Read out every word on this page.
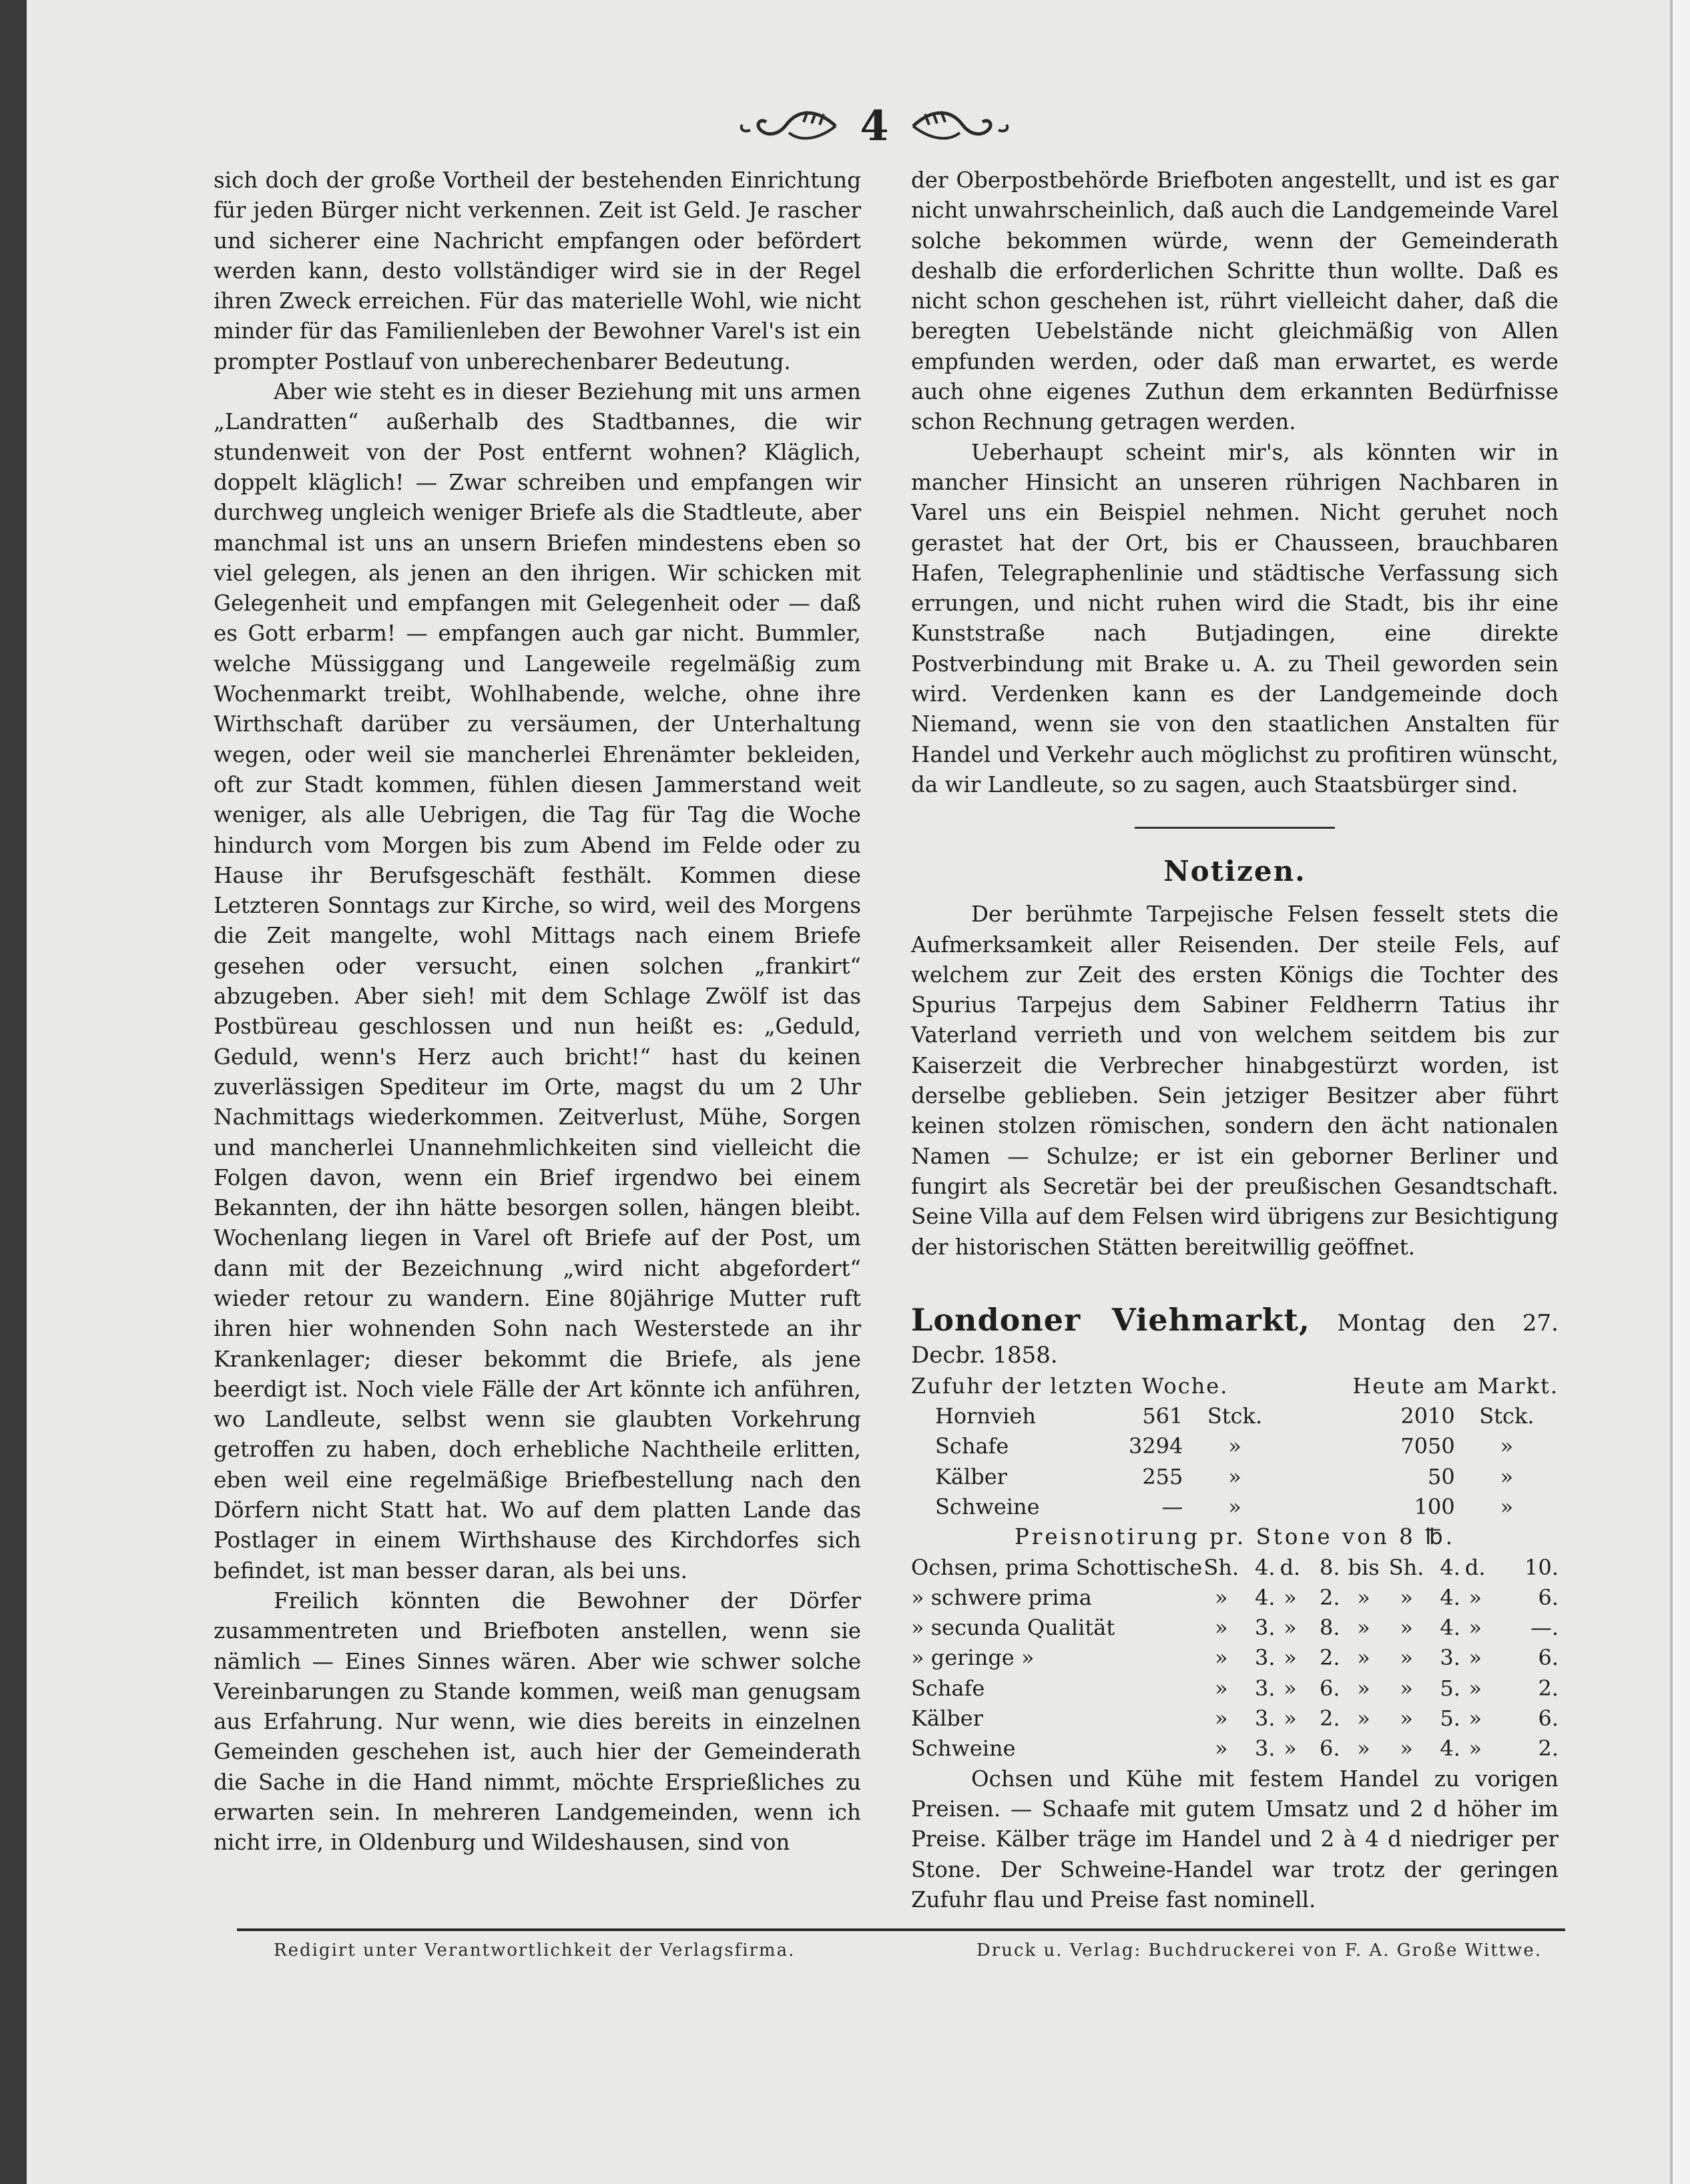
4

sich doch der große Vortheil der bestehenden Einrichtung für jeden Bürger nicht verkennen. Zeit ist Geld. Je rascher und sicherer eine Nachricht empfangen oder befördert werden kann, desto vollständiger wird sie in der Regel ihren Zweck erreichen. Für das materielle Wohl, wie nicht minder für das Familienleben der Bewohner Varel's ist ein prompter Postlauf von unberechenbarer Bedeutung.

Aber wie steht es in dieser Beziehung mit uns armen „Landratten“ außerhalb des Stadtbannes, die wir stundenweit von der Post entfernt wohnen? Kläglich, doppelt kläglich! — Zwar schreiben und empfangen wir durchweg ungleich weniger Briefe als die Stadtleute, aber manchmal ist uns an unsern Briefen mindestens eben so viel gelegen, als jenen an den ihrigen. Wir schicken mit Gelegenheit und empfangen mit Gelegenheit oder — daß es Gott erbarm! — empfangen auch gar nicht. Bummler, welche Müssiggang und Langeweile regelmäßig zum Wochenmarkt treibt, Wohlhabende, welche, ohne ihre Wirthschaft darüber zu versäumen, der Unterhaltung wegen, oder weil sie mancherlei Ehrenämter bekleiden, oft zur Stadt kommen, fühlen diesen Jammerstand weit weniger, als alle Uebrigen, die Tag für Tag die Woche hindurch vom Morgen bis zum Abend im Felde oder zu Hause ihr Berufsgeschäft festhält. Kommen diese Letzteren Sonntags zur Kirche, so wird, weil des Morgens die Zeit mangelte, wohl Mittags nach einem Briefe gesehen oder versucht, einen solchen „frankirt“ abzugeben. Aber sieh! mit dem Schlage Zwölf ist das Postbüreau geschlossen und nun heißt es: „Geduld, Geduld, wenn's Herz auch bricht!“ hast du keinen zuverlässigen Spediteur im Orte, magst du um 2 Uhr Nachmittags wiederkommen. Zeitverlust, Mühe, Sorgen und mancherlei Unannehmlichkeiten sind vielleicht die Folgen davon, wenn ein Brief irgendwo bei einem Bekannten, der ihn hätte besorgen sollen, hängen bleibt. Wochenlang liegen in Varel oft Briefe auf der Post, um dann mit der Bezeichnung „wird nicht abgefordert“ wieder retour zu wandern. Eine 80jährige Mutter ruft ihren hier wohnenden Sohn nach Westerstede an ihr Krankenlager; dieser bekommt die Briefe, als jene beerdigt ist. Noch viele Fälle der Art könnte ich anführen, wo Landleute, selbst wenn sie glaubten Vorkehrung getroffen zu haben, doch erhebliche Nachtheile erlitten, eben weil eine regelmäßige Briefbestellung nach den Dörfern nicht Statt hat. Wo auf dem platten Lande das Postlager in einem Wirthshause des Kirchdorfes sich befindet, ist man besser daran, als bei uns.

Freilich könnten die Bewohner der Dörfer zusammentreten und Briefboten anstellen, wenn sie nämlich — Eines Sinnes wären. Aber wie schwer solche Vereinbarungen zu Stande kommen, weiß man genugsam aus Erfahrung. Nur wenn, wie dies bereits in einzelnen Gemeinden geschehen ist, auch hier der Gemeinderath die Sache in die Hand nimmt, möchte Ersprießliches zu erwarten sein. In mehreren Landgemeinden, wenn ich nicht irre, in Oldenburg und Wildeshausen, sind von

der Oberpostbehörde Briefboten angestellt, und ist es gar nicht unwahrscheinlich, daß auch die Landgemeinde Varel solche bekommen würde, wenn der Gemeinderath deshalb die erforderlichen Schritte thun wollte. Daß es nicht schon geschehen ist, rührt vielleicht daher, daß die beregten Uebelstände nicht gleichmäßig von Allen empfunden werden, oder daß man erwartet, es werde auch ohne eigenes Zuthun dem erkannten Bedürfnisse schon Rechnung getragen werden.

Ueberhaupt scheint mir's, als könnten wir in mancher Hinsicht an unseren rührigen Nachbaren in Varel uns ein Beispiel nehmen. Nicht geruhet noch gerastet hat der Ort, bis er Chausseen, brauchbaren Hafen, Telegraphenlinie und städtische Verfassung sich errungen, und nicht ruhen wird die Stadt, bis ihr eine Kunststraße nach Butjadingen, eine direkte Postverbindung mit Brake u. A. zu Theil geworden sein wird. Verdenken kann es der Landgemeinde doch Niemand, wenn sie von den staatlichen Anstalten für Handel und Verkehr auch möglichst zu profitiren wünscht, da wir Landleute, so zu sagen, auch Staatsbürger sind.

Notizen.

Der berühmte Tarpejische Felsen fesselt stets die Aufmerksamkeit aller Reisenden. Der steile Fels, auf welchem zur Zeit des ersten Königs die Tochter des Spurius Tarpejus dem Sabiner Feldherrn Tatius ihr Vaterland verrieth und von welchem seitdem bis zur Kaiserzeit die Verbrecher hinabgestürzt worden, ist derselbe geblieben. Sein jetziger Besitzer aber führt keinen stolzen römischen, sondern den ächt nationalen Namen — Schulze; er ist ein geborner Berliner und fungirt als Secretär bei der preußischen Gesandtschaft. Seine Villa auf dem Felsen wird übrigens zur Besichtigung der historischen Stätten bereitwillig geöffnet.

Londoner Viehmarkt, Montag den 27. Decbr. 1858.
Zufuhr der letzten Woche.			Heute am Markt.	
Hornvieh	561	Stck.	2010	Stck.
Schafe	3294	»	7050	»
Kälber	255	»	50	»
Schweine	—	»	100	»
Preisnotirung pr. Stone von 8 ℔.
Ochsen, prima Schottische	Sh.	4.	d.	8.	bis	Sh.	4.	d.	10.
» schwere prima	»	4.	»	2.	»	»	4.	»	6.
» secunda Qualität	»	3.	»	8.	»	»	4.	»	—.
» geringe »	»	3.	»	2.	»	»	3.	»	6.
Schafe	»	3.	»	6.	»	»	5.	»	2.
Kälber	»	3.	»	2.	»	»	5.	»	6.
Schweine	»	3.	»	6.	»	»	4.	»	2.

Ochsen und Kühe mit festem Handel zu vorigen Preisen. — Schaafe mit gutem Umsatz und 2 d höher im Preise. Kälber träge im Handel und 2 à 4 d niedriger per Stone. Der Schweine-Handel war trotz der geringen Zufuhr flau und Preise fast nominell.

Redigirt unter Verantwortlichkeit der Verlagsfirma.	Druck u. Verlag: Buchdruckerei von F. A. Große Wittwe.
